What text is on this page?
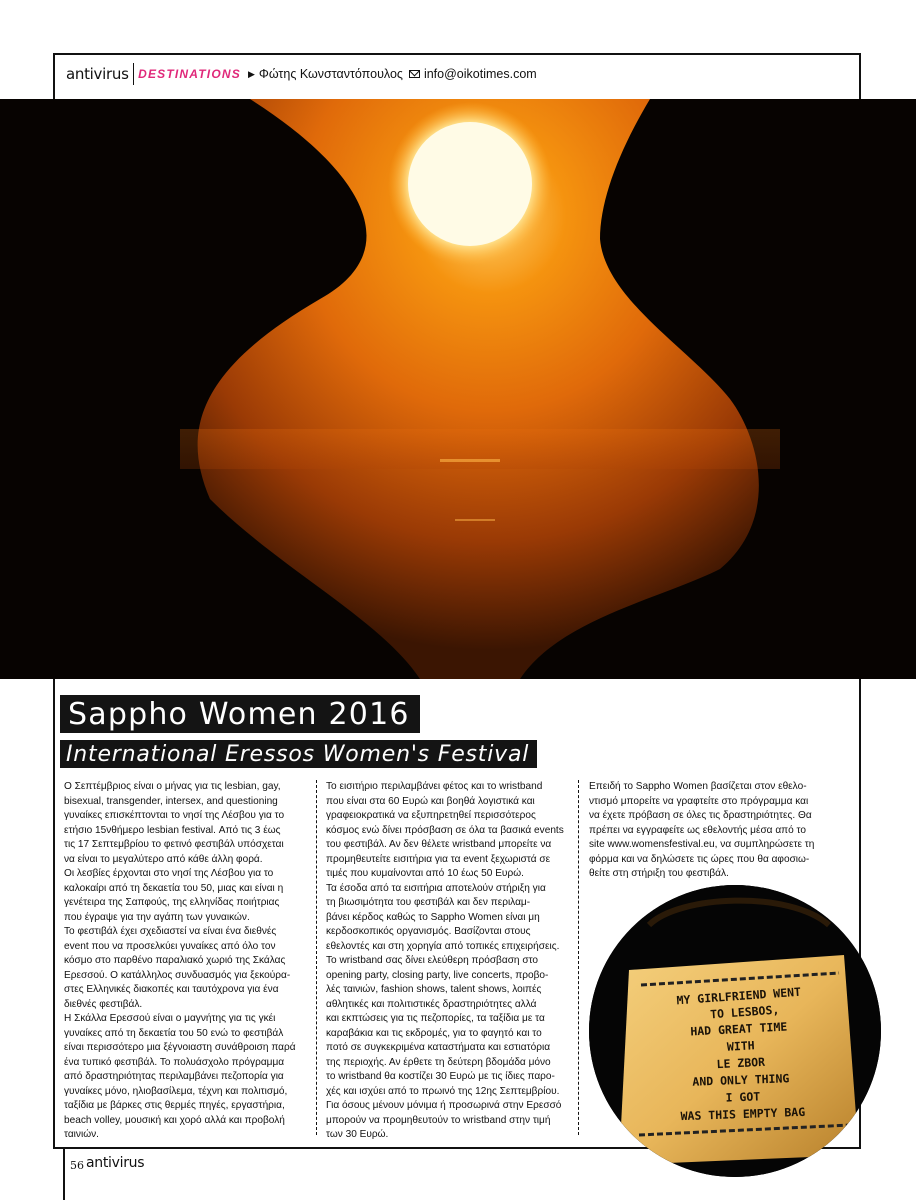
antivirus DESTINATIONS ▶ Φώτης Κωνσταντόπουλος info@oikotimes.com
Sappho Women 2016
International Eressos Women's Festival
Ο Σεπτέμβριος είναι ο μήνας για τις lesbian, gay,
bisexual, transgender, intersex, and questioning
γυναίκες επισκέπτονται το νησί της Λέσβου για το
ετήσιο 15νθήμερο lesbian festival. Από τις 3 έως
τις 17 Σεπτεμβρίου το φετινό φεστιβάλ υπόσχεται
να είναι το μεγαλύτερο από κάθε άλλη φορά.
Οι λεσβίες έρχονται στο νησί της Λέσβου για το
καλοκαίρι από τη δεκαετία του 50, μιας και είναι η
γενέτειρα της Σαπφούς, της ελληνίδας ποιήτριας
που έγραψε για την αγάπη των γυναικών.
Το φεστιβάλ έχει σχεδιαστεί να είναι ένα διεθνές
event που να προσελκύει γυναίκες από όλο τον
κόσμο στο παρθένο παραλιακό χωριό της Σκάλας
Ερεσσού. Ο κατάλληλος συνδυασμός για ξεκούρα-
στες Ελληνικές διακοπές και ταυτόχρονα για ένα
διεθνές φεστιβάλ.
Η Σκάλλα Ερεσσού είναι ο μαγνήτης για τις γκέι
γυναίκες από τη δεκαετία του 50 ενώ το φεστιβάλ
είναι περισσότερο μια ξέγνοιαστη συνάθροιση παρά
ένα τυπικό φεστιβάλ. Το πολυάσχολο πρόγραμμα
από δραστηριότητας περιλαμβάνει πεζοπορία για
γυναίκες μόνο, ηλιοβασίλεμα, τέχνη και πολιτισμό,
ταξίδια με βάρκες στις θερμές πηγές, εργαστήρια,
beach volley, μουσική και χορό αλλά και προβολή
ταινιών.
Το εισιτήριο περιλαμβάνει φέτος και το wristband
που είναι στα 60 Ευρώ και βοηθά λογιστικά και
γραφειοκρατικά να εξυπηρετηθεί περισσότερος
κόσμος ενώ δίνει πρόσβαση σε όλα τα βασικά events
του φεστιβάλ. Αν δεν θέλετε wristband μπορείτε να
προμηθευτείτε εισιτήρια για τα event ξεχωριστά σε
τιμές που κυμαίνονται από 10 έως 50 Ευρώ.
Τα έσοδα από τα εισιτήρια αποτελούν στήριξη για
τη βιωσιμότητα του φεστιβάλ και δεν περιλαμ-
βάνει κέρδος καθώς το Sappho Women είναι μη
κερδοσκοπικός οργανισμός. Βασίζονται στους
εθελοντές και στη χορηγία από τοπικές επιχειρήσεις.
Το wristband σας δίνει ελεύθερη πρόσβαση στο
opening party, closing party, live concerts, προβο-
λές ταινιών, fashion shows, talent shows, λοιπές
αθλητικές και πολιτιστικές δραστηριότητες αλλά
και εκπτώσεις για τις πεζοπορίες, τα ταξίδια με τα
καραβάκια και τις εκδρομές, για το φαγητό και το
ποτό σε συγκεκριμένα καταστήματα και εστιατόρια
της περιοχής. Αν έρθετε τη δεύτερη βδομάδα μόνο
το wristband θα κοστίζει 30 Ευρώ με τις ίδιες παρο-
χές και ισχύει από το πρωινό της 12ης Σεπτεμβρίου.
Για όσους μένουν μόνιμα ή προσωρινά στην Ερεσσό
μπορούν να προμηθευτούν το wristband στην τιμή
των 30 Ευρώ.
Επειδή το Sappho Women βασίζεται στον εθελο-
ντισμό μπορείτε να γραφτείτε στο πρόγραμμα και
να έχετε πρόβαση σε όλες τις δραστηριότητες. Θα
πρέπει να εγγραφείτε ως εθελοντής μέσα από το
site www.womensfestival.eu, να συμπληρώσετε τη
φόρμα και να δηλώσετε τις ώρες που θα αφοσιω-
θείτε στη στήριξη του φεστιβάλ.
MY GIRLFRIEND WENT
TO LESBOS,
HAD GREAT TIME
WITH
LE ZBOR
AND ONLY THING
I GOT
WAS THIS EMPTY BAG
56 antivirus
